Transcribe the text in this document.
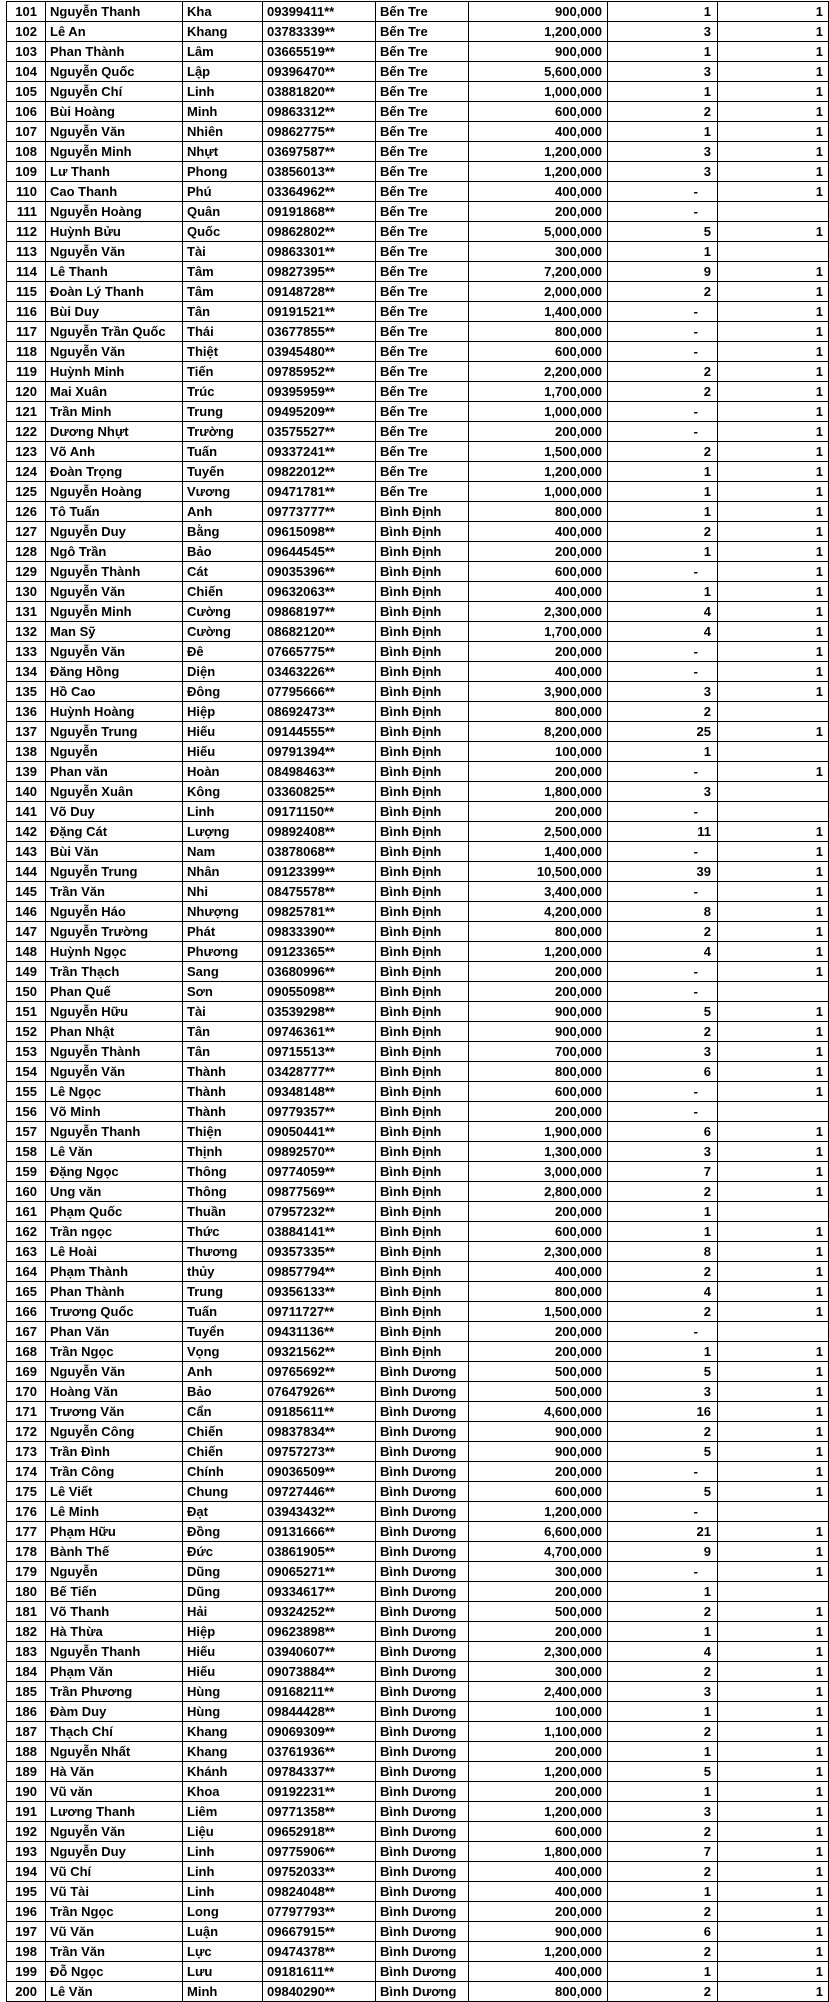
101	Nguyễn Thanh	Kha	09399411**	Bến Tre	900,000	1	1
102	Lê An	Khang	03783339**	Bến Tre	1,200,000	3	1
103	Phan Thành	Lâm	03665519**	Bến Tre	900,000	1	1
104	Nguyễn Quốc	Lập	09396470**	Bến Tre	5,600,000	3	1
105	Nguyễn Chí	Linh	03881820**	Bến Tre	1,000,000	1	1
106	Bùi Hoàng	Minh	09863312**	Bến Tre	600,000	2	1
107	Nguyễn Văn	Nhiên	09862775**	Bến Tre	400,000	1	1
108	Nguyễn Minh	Nhựt	03697587**	Bến Tre	1,200,000	3	1
109	Lư Thanh	Phong	03856013**	Bến Tre	1,200,000	3	1
110	Cao Thanh	Phú	03364962**	Bến Tre	400,000	-	1
111	Nguyễn Hoàng	Quân	09191868**	Bến Tre	200,000	-	
112	Huỳnh Bửu	Quốc	09862802**	Bến Tre	5,000,000	5	1
113	Nguyễn Văn	Tài	09863301**	Bến Tre	300,000	1	
114	Lê Thanh	Tâm	09827395**	Bến Tre	7,200,000	9	1
115	Đoàn Lý Thanh	Tâm	09148728**	Bến Tre	2,000,000	2	1
116	Bùi Duy	Tân	09191521**	Bến Tre	1,400,000	-	1
117	Nguyễn Trần Quốc	Thái	03677855**	Bến Tre	800,000	-	1
118	Nguyễn Văn	Thiệt	03945480**	Bến Tre	600,000	-	1
119	Huỳnh Minh	Tiến	09785952**	Bến Tre	2,200,000	2	1
120	Mai Xuân	Trúc	09395959**	Bến Tre	1,700,000	2	1
121	Trần Minh	Trung	09495209**	Bến Tre	1,000,000	-	1
122	Dương Nhựt	Trường	03575527**	Bến Tre	200,000	-	1
123	Võ Anh	Tuấn	09337241**	Bến Tre	1,500,000	2	1
124	Đoàn Trọng	Tuyến	09822012**	Bến Tre	1,200,000	1	1
125	Nguyễn Hoàng	Vương	09471781**	Bến Tre	1,000,000	1	1
126	Tô Tuấn	Anh	09773777**	Bình Định	800,000	1	1
127	Nguyễn Duy	Bằng	09615098**	Bình Định	400,000	2	1
128	Ngô Trần	Bảo	09644545**	Bình Định	200,000	1	1
129	Nguyễn Thành	Cát	09035396**	Bình Định	600,000	-	1
130	Nguyễn Văn	Chiến	09632063**	Bình Định	400,000	1	1
131	Nguyễn Minh	Cường	09868197**	Bình Định	2,300,000	4	1
132	Man Sỹ	Cường	08682120**	Bình Định	1,700,000	4	1
133	Nguyễn Văn	Đê	07665775**	Bình Định	200,000	-	1
134	Đăng Hồng	Diện	03463226**	Bình Định	400,000	-	1
135	Hồ Cao	Đông	07795666**	Bình Định	3,900,000	3	1
136	Huỳnh Hoàng	Hiệp	08692473**	Bình Định	800,000	2	
137	Nguyễn Trung	Hiếu	09144555**	Bình Định	8,200,000	25	1
138	Nguyễn	Hiếu	09791394**	Bình Định	100,000	1	
139	Phan văn	Hoàn	08498463**	Bình Định	200,000	-	1
140	Nguyễn Xuân	Kông	03360825**	Bình Định	1,800,000	3	
141	Võ Duy	Linh	09171150**	Bình Định	200,000	-	
142	Đặng Cát	Lượng	09892408**	Bình Định	2,500,000	11	1
143	Bùi Văn	Nam	03878068**	Bình Định	1,400,000	-	1
144	Nguyễn Trung	Nhân	09123399**	Bình Định	10,500,000	39	1
145	Trần Văn	Nhi	08475578**	Bình Định	3,400,000	-	1
146	Nguyễn Háo	Nhượng	09825781**	Bình Định	4,200,000	8	1
147	Nguyễn Trường	Phát	09833390**	Bình Định	800,000	2	1
148	Huỳnh Ngọc	Phương	09123365**	Bình Định	1,200,000	4	1
149	Trần Thạch	Sang	03680996**	Bình Định	200,000	-	1
150	Phan Quế	Sơn	09055098**	Bình Định	200,000	-	
151	Nguyễn Hữu	Tài	03539298**	Bình Định	900,000	5	1
152	Phan Nhật	Tân	09746361**	Bình Định	900,000	2	1
153	Nguyễn Thành	Tân	09715513**	Bình Định	700,000	3	1
154	Nguyễn Văn	Thành	03428777**	Bình Định	800,000	6	1
155	Lê Ngọc	Thành	09348148**	Bình Định	600,000	-	1
156	Võ Minh	Thành	09779357**	Bình Định	200,000	-	
157	Nguyễn Thanh	Thiện	09050441**	Bình Định	1,900,000	6	1
158	Lê Văn	Thịnh	09892570**	Bình Định	1,300,000	3	1
159	Đặng Ngọc	Thông	09774059**	Bình Định	3,000,000	7	1
160	Ung văn	Thông	09877569**	Bình Định	2,800,000	2	1
161	Phạm Quốc	Thuần	07957232**	Bình Định	200,000	1	
162	Trần ngọc	Thức	03884141**	Bình Định	600,000	1	1
163	Lê Hoài	Thương	09357335**	Bình Định	2,300,000	8	1
164	Phạm Thành	thủy	09857794**	Bình Định	400,000	2	1
165	Phan Thành	Trung	09356133**	Bình Định	800,000	4	1
166	Trương Quốc	Tuấn	09711727**	Bình Định	1,500,000	2	1
167	Phan Văn	Tuyển	09431136**	Bình Định	200,000	-	
168	Trần Ngọc	Vọng	09321562**	Bình Định	200,000	1	1
169	Nguyễn Văn	Anh	09765692**	Bình Dương	500,000	5	1
170	Hoàng Văn	Bảo	07647926**	Bình Dương	500,000	3	1
171	Trương Văn	Cẩn	09185611**	Bình Dương	4,600,000	16	1
172	Nguyễn Công	Chiến	09837834**	Bình Dương	900,000	2	1
173	Trần Đình	Chiến	09757273**	Bình Dương	900,000	5	1
174	Trần Công	Chính	09036509**	Bình Dương	200,000	-	1
175	Lê Viết	Chung	09727446**	Bình Dương	600,000	5	1
176	Lê Minh	Đạt	03943432**	Bình Dương	1,200,000	-	
177	Phạm Hữu	Đồng	09131666**	Bình Dương	6,600,000	21	1
178	Bành Thế	Đức	03861905**	Bình Dương	4,700,000	9	1
179	Nguyễn	Dũng	09065271**	Bình Dương	300,000	-	1
180	Bế Tiến	Dũng	09334617**	Bình Dương	200,000	1	
181	Võ Thanh	Hải	09324252**	Bình Dương	500,000	2	1
182	Hà Thừa	Hiệp	09623898**	Bình Dương	200,000	1	1
183	Nguyễn Thanh	Hiếu	03940607**	Bình Dương	2,300,000	4	1
184	Phạm Văn	Hiếu	09073884**	Bình Dương	300,000	2	1
185	Trần Phương	Hùng	09168211**	Bình Dương	2,400,000	3	1
186	Đàm Duy	Hùng	09844428**	Bình Dương	100,000	1	1
187	Thạch Chí	Khang	09069309**	Bình Dương	1,100,000	2	1
188	Nguyễn Nhất	Khang	03761936**	Bình Dương	200,000	1	1
189	Hà Văn	Khánh	09784337**	Bình Dương	1,200,000	5	1
190	Vũ văn	Khoa	09192231**	Bình Dương	200,000	1	1
191	Lương Thanh	Liêm	09771358**	Bình Dương	1,200,000	3	1
192	Nguyễn Văn	Liệu	09652918**	Bình Dương	600,000	2	1
193	Nguyễn Duy	Linh	09775906**	Bình Dương	1,800,000	7	1
194	Vũ Chí	Linh	09752033**	Bình Dương	400,000	2	1
195	Vũ Tài	Linh	09824048**	Bình Dương	400,000	1	1
196	Trần Ngọc	Long	07797793**	Bình Dương	200,000	2	1
197	Vũ Văn	Luận	09667915**	Bình Dương	900,000	6	1
198	Trần Văn	Lực	09474378**	Bình Dương	1,200,000	2	1
199	Đỗ Ngọc	Lưu	09181611**	Bình Dương	400,000	1	1
200	Lê Văn	Minh	09840290**	Bình Dương	800,000	2	1
